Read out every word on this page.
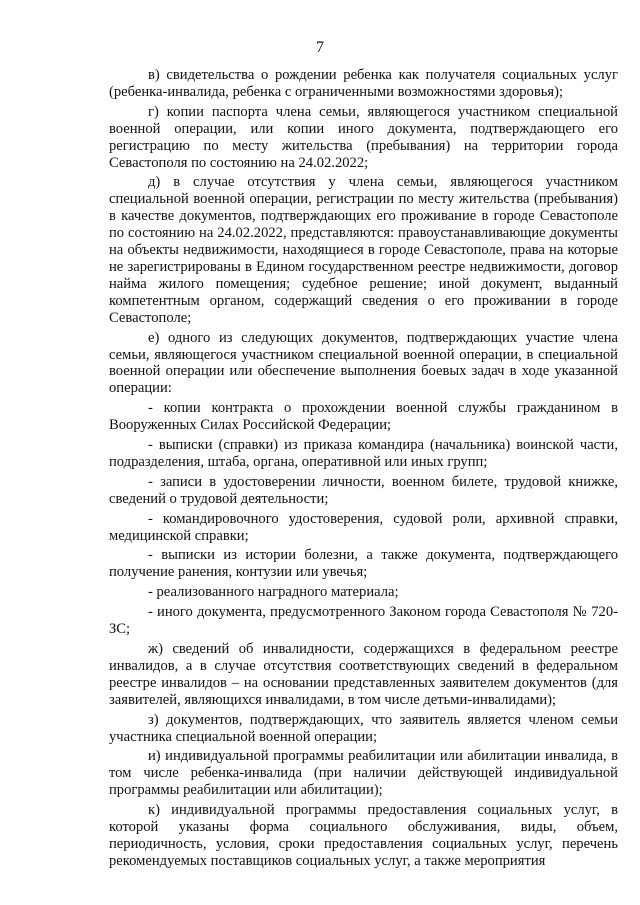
7

в) свидетельства о рождении ребенка как получателя социальных услуг (ребенка-инвалида, ребенка с ограниченными возможностями здоровья);

г) копии паспорта члена семьи, являющегося участником специальной военной операции, или копии иного документа, подтверждающего его регистрацию по месту жительства (пребывания) на территории города Севастополя по состоянию на 24.02.2022;

д) в случае отсутствия у члена семьи, являющегося участником специальной военной операции, регистрации по месту жительства (пребывания) в качестве документов, подтверждающих его проживание в городе Севастополе по состоянию на 24.02.2022, представляются: правоустанавливающие документы на объекты недвижимости, находящиеся в городе Севастополе, права на которые не зарегистрированы в Едином государственном реестре недвижимости, договор найма жилого помещения; судебное решение; иной документ, выданный компетентным органом, содержащий сведения о его проживании в городе Севастополе;

е) одного из следующих документов, подтверждающих участие члена семьи, являющегося участником специальной военной операции, в специальной военной операции или обеспечение выполнения боевых задач в ходе указанной операции:

- копии контракта о прохождении военной службы гражданином в Вооруженных Силах Российской Федерации;

- выписки (справки) из приказа командира (начальника) воинской части, подразделения, штаба, органа, оперативной или иных групп;

- записи в удостоверении личности, военном билете, трудовой книжке, сведений о трудовой деятельности;

- командировочного удостоверения, судовой роли, архивной справки, медицинской справки;

- выписки из истории болезни, а также документа, подтверждающего получение ранения, контузии или увечья;

- реализованного наградного материала;

- иного документа, предусмотренного Законом города Севастополя № 720-ЗС;

ж) сведений об инвалидности, содержащихся в федеральном реестре инвалидов, а в случае отсутствия соответствующих сведений в федеральном реестре инвалидов – на основании представленных заявителем документов (для заявителей, являющихся инвалидами, в том числе детьми-инвалидами);

з) документов, подтверждающих, что заявитель является членом семьи участника специальной военной операции;

и) индивидуальной программы реабилитации или абилитации инвалида, в том числе ребенка-инвалида (при наличии действующей индивидуальной программы реабилитации или абилитации);

к) индивидуальной программы предоставления социальных услуг, в которой указаны форма социального обслуживания, виды, объем, периодичность, условия, сроки предоставления социальных услуг, перечень рекомендуемых поставщиков социальных услуг, а также мероприятия
